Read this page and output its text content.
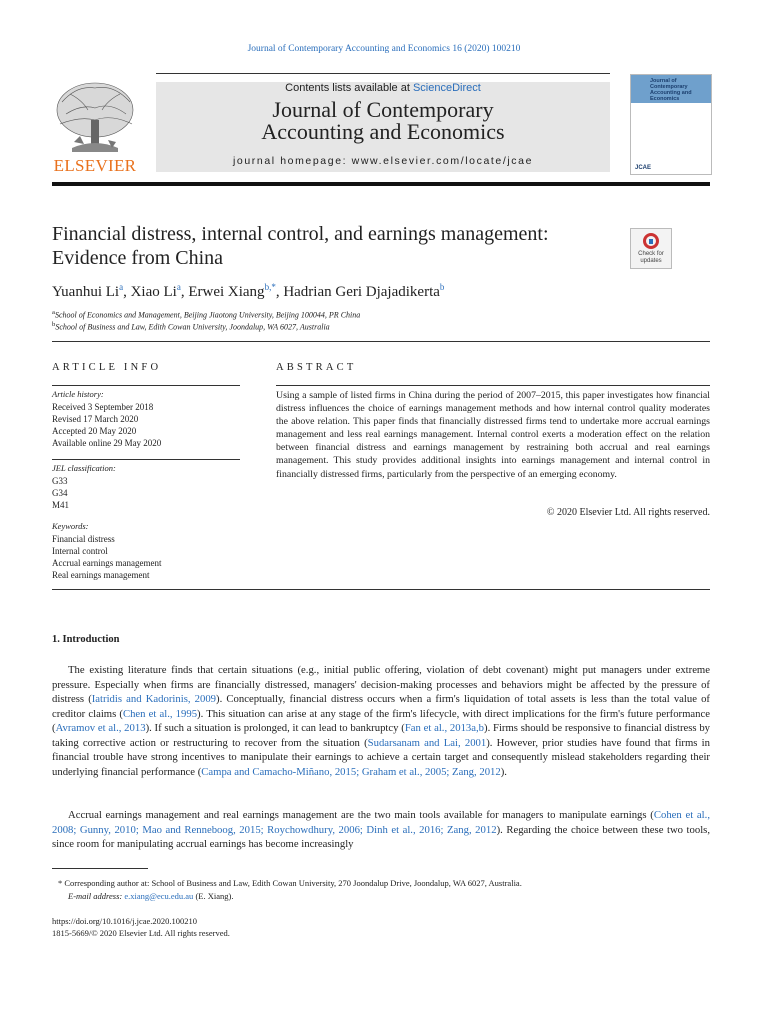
Journal of Contemporary Accounting and Economics 16 (2020) 100210
ELSEVIER
Contents lists available at ScienceDirect
Journal of Contemporary
Accounting and Economics
journal homepage: www.elsevier.com/locate/jcae
Journal of Contemporary Accounting and Economics
JCAE
Financial distress, internal control, and earnings management:
Evidence from China	Check for updates
Yuanhui Li$^a$, Xiao Li$^a$, Erwei Xiang$^{b,*}$, Hadrian Geri Djajadikerta$^b$
$^a$School of Economics and Management, Beijing Jiaotong University, Beijing 100044, PR China
$^b$School of Business and Law, Edith Cowan University, Joondalup, WA 6027, Australia
ARTICLE INFO
Article history:
Received 3 September 2018
Revised 17 March 2020
Accepted 20 May 2020
Available online 29 May 2020
JEL classification:
G33
G34
M41
Keywords:
Financial distress
Internal control
Accrual earnings management
Real earnings management
ABSTRACT
Using a sample of listed firms in China during the period of 2007–2015, this paper investigates how financial distress influences the choice of earnings management methods and how internal control quality moderates the above relation. This paper finds that financially distressed firms tend to undertake more accrual earnings management and less real earnings management. Internal control exerts a moderation effect on the relation between financial distress and earnings management by restraining both accrual and real earnings management. This study provides additional insights into earnings management and internal control in financially distressed firms, particularly from the perspective of an emerging economy.
© 2020 Elsevier Ltd. All rights reserved.
1. Introduction
The existing literature finds that certain situations (e.g., initial public offering, violation of debt covenant) might put managers under extreme pressure. Especially when firms are financially distressed, managers' decision-making processes and behaviors might be affected by the pressure of distress (Iatridis and Kadorinis, 2009). Conceptually, financial distress occurs when a firm's liquidation of total assets is less than the total value of creditor claims (Chen et al., 1995). This situation can arise at any stage of the firm's lifecycle, with direct implications for the firm's future performance (Avramov et al., 2013). If such a situation is prolonged, it can lead to bankruptcy (Fan et al., 2013a,b). Firms should be responsive to financial distress by taking corrective action or restructuring to recover from the situation (Sudarsanam and Lai, 2001). However, prior studies have found that firms in financial trouble have strong incentives to manipulate their earnings to achieve a certain target and consequently mislead stakeholders regarding their underlying financial performance (Campa and Camacho-Miñano, 2015; Graham et al., 2005; Zang, 2012).
Accrual earnings management and real earnings management are the two main tools available for managers to manipulate earnings (Cohen et al., 2008; Gunny, 2010; Mao and Renneboog, 2015; Roychowdhury, 2006; Dinh et al., 2016; Zang, 2012). Regarding the choice between these two tools, since room for manipulating accrual earnings has become increasingly
* Corresponding author at: School of Business and Law, Edith Cowan University, 270 Joondalup Drive, Joondalup, WA 6027, Australia.
E-mail address: e.xiang@ecu.edu.au (E. Xiang).
https://doi.org/10.1016/j.jcae.2020.100210
1815-5669/© 2020 Elsevier Ltd. All rights reserved.
